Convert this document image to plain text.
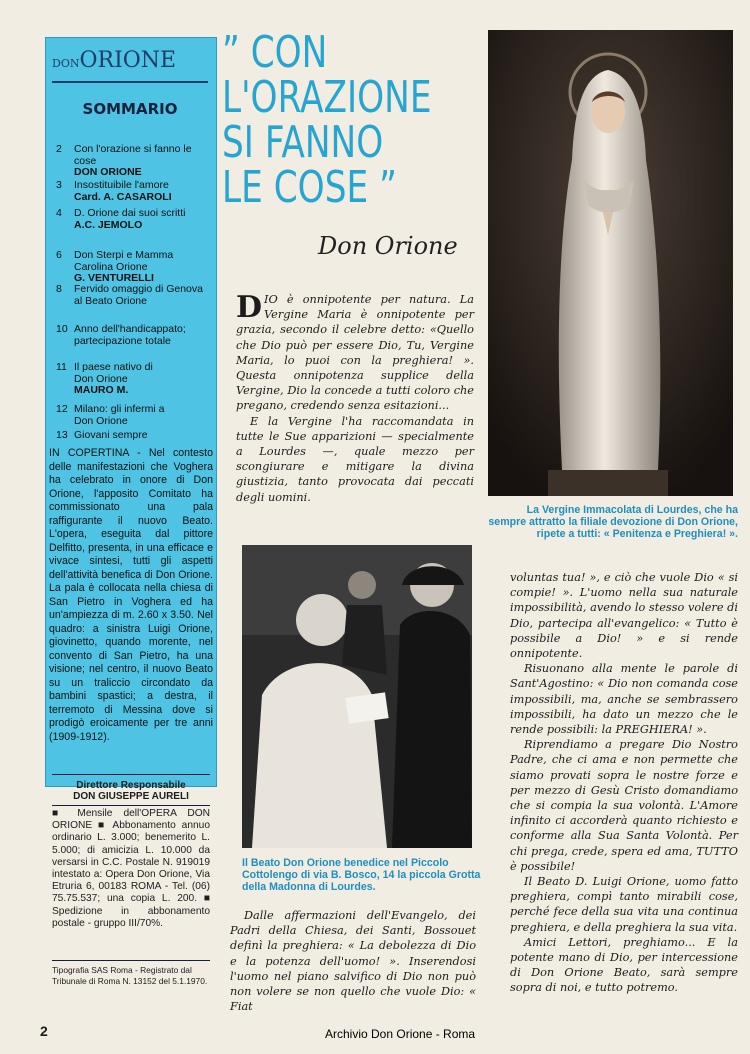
DONORIONE
SOMMARIO
2 Con l'orazione si fanno le cose
DON ORIONE
3 Insostituibile l'amore
Card. A. CASAROLI
4 D. Orione dai suoi scritti
A.C. JEMOLO
6 Don Sterpi e Mamma Carolina Orione
G. VENTURELLI
8 Fervido omaggio di Genova al Beato Orione
10 Anno dell'handicappato; partecipazione totale
11 Il paese nativo di Don Orione
MAURO M.
12 Milano: gli infermi a Don Orione
13 Giovani sempre
IN COPERTINA - Nel contesto delle manifestazioni che Voghera ha celebrato in onore di Don Orione, l'apposito Comitato ha commissionato una pala raffigurante il nuovo Beato. L'opera, eseguita dal pittore Delfitto, presenta, in una efficace e vivace sintesi, tutti gli aspetti dell'attività benefica di Don Orione. La pala è collocata nella chiesa di San Pietro in Voghera ed ha un'ampiezza di m. 2.60 x 3.50. Nel quadro: a sinistra Luigi Orione, giovinetto, quando morente, nel convento di San Pietro, ha una visione; nel centro, il nuovo Beato su un traliccio circondato da bambini spastici; a destra, il terremoto di Messina dove si prodigò eroicamente per tre anni (1909-1912).
Direttore Responsabile
DON GIUSEPPE AURELI
■ Mensile dell'OPERA DON ORIONE ■ Abbonamento annuo ordinario L. 3.000; benemerito L. 5.000; di amicizia L. 10.000 da versarsi in C.C. Postale N. 919019 intestato a: Opera Don Orione, Via Etruria 6, 00183 ROMA - Tel. (06) 75.75.537; una copia L. 200. ■ Spedizione in abbonamento postale - gruppo III/70%.
Tipografia SAS Roma - Registrato dal Tribunale di Roma N. 13152 del 5.1.1970.
” CON
L'ORAZIONE
SI FANNO
LE COSE ”
Don Orione

DIO è onnipotente per natura. La Vergine Maria è onnipotente per grazia, secondo il celebre detto: «Quello che Dio può per essere Dio, Tu, Vergine Maria, lo puoi con la preghiera! ». Questa onnipotenza supplice della Vergine, Dio la concede a tutti coloro che pregano, credendo senza esitazioni...

E la Vergine l'ha raccomandata in tutte le Sue apparizioni — specialmente a Lourdes —, quale mezzo per scongiurare e mitigare la divina giustizia, tanto provocata dai peccati degli uomini.

La Vergine Immacolata di Lourdes, che ha sempre attratto la filiale devozione di Don Orione, ripete a tutti: « Penitenza e Preghiera! ».
Il Beato Don Orione benedice nel Piccolo Cottolengo di via B. Bosco, 14 la piccola Grotta della Madonna di Lourdes.

Dalle affermazioni dell'Evangelo, dei Padri della Chiesa, dei Santi, Bossouet definì la preghiera: « La debolezza di Dio e la potenza dell'uomo! ». Inserendosi l'uomo nel piano salvifico di Dio non può non volere se non quello che vuole Dio: « Fiat

voluntas tua! », e ciò che vuole Dio « si compie! ». L'uomo nella sua naturale impossibilità, avendo lo stesso volere di Dio, partecipa all'evangelico: « Tutto è possibile a Dio! » e si rende onnipotente.

Risuonano alla mente le parole di Sant'Agostino: « Dio non comanda cose impossibili, ma, anche se sembrassero impossibili, ha dato un mezzo che le rende possibili: la PREGHIERA! ».

Riprendiamo a pregare Dio Nostro Padre, che ci ama e non permette che siamo provati sopra le nostre forze e per mezzo di Gesù Cristo domandiamo che si compia la sua volontà. L'Amore infinito ci accorderà quanto richiesto e conforme alla Sua Santa Volontà. Per chi prega, crede, spera ed ama, TUTTO è possibile!

Il Beato D. Luigi Orione, uomo fatto preghiera, compì tanto mirabili cose, perché fece della sua vita una continua preghiera, e della preghiera la sua vita.

Amici Lettori, preghiamo... E la potente mano di Dio, per intercessione di Don Orione Beato, sarà sempre sopra di noi, e tutto potremo.

2	Archivio Don Orione - Roma
